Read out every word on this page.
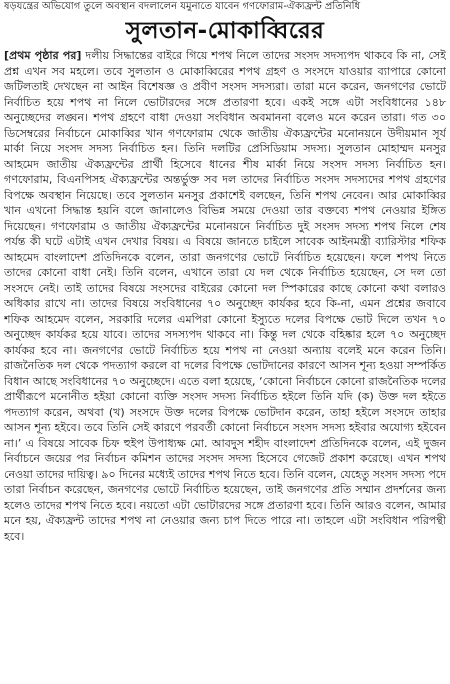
ষড়যন্ত্রের অভিযোগ তুলে অবস্থান বদলালেন যমুনাতে যাবেন গণফোরাম-ঐক্যফ্রন্ট প্রতিনিধি
সুলতান-মোকাব্বিরের
[প্রথম পৃষ্ঠার পর] দলীয় সিদ্ধান্তের বাইরে গিয়ে শপথ নিলে তাদের সংসদ সদস্যপদ থাকবে কি না, সেই প্রশ্ন এখন সব মহলে। তবে সুলতান ও মোকাব্বিরের শপথ গ্রহণ ও সংসদে যাওয়ার ব্যাপারে কোনো জটিলতাই দেখছেন না আইন বিশেষজ্ঞ ও প্রবীণ সংসদ সদস্যরা। তারা মনে করেন, জনগণের ভোটে নির্বাচিত হয়ে শপথ না নিলে ভোটারদের সঙ্গে প্রতারণা হবে। একই সঙ্গে এটা সংবিধানের ১৪৮ অনুচ্ছেদের লঙ্ঘন। শপথ গ্রহণে বাধা দেওয়া সংবিধান অবমাননা বলেও মনে করেন তারা। গত ৩০ ডিসেম্বরের নির্বাচনে মোকাব্বির খান গণফোরাম থেকে জাতীয় ঐক্যফ্রন্টের মনোনয়নে উদীয়মান সূর্য মার্কা নিয়ে সংসদ সদস্য নির্বাচিত হন। তিনি দলটির প্রেসিডিয়াম সদস্য। সুলতান মোহাম্মদ মনসুর আহমেদ জাতীয় ঐক্যফ্রন্টের প্রার্থী হিসেবে ধানের শীষ মার্কা নিয়ে সংসদ সদস্য নির্বাচিত হন। গণফোরাম, বিএনপিসহ ঐক্যফ্রন্টের অন্তর্ভুক্ত সব দল তাদের নির্বাচিত সংসদ সদস্যদের শপথ গ্রহণের বিপক্ষে অবস্থান নিয়েছে। তবে সুলতান মনসুর প্রকাশেই বলছেন, তিনি শপথ নেবেন। আর মোকাব্বির খান এখনো সিদ্ধান্ত হয়নি বলে জানালেও বিভিন্ন সময়ে দেওয়া তার বক্তব্যে শপথ নেওয়ার ইঙ্গিত দিয়েছেন। গণফোরাম ও জাতীয় ঐক্যফ্রন্টের মনোনয়নে নির্বাচিত দুই সংসদ সদস্য শপথ নিলে শেষ পর্যন্ত কী ঘটে এটাই এখন দেখার বিষয়। এ বিষয়ে জানতে চাইলে সাবেক আইনমন্ত্রী ব্যারিস্টার শফিক আহমেদ বাংলাদেশ প্রতিদিনকে বলেন, তারা জনগণের ভোটে নির্বাচিত হয়েছেন। ফলে শপথ নিতে তাদের কোনো বাধা নেই। তিনি বলেন, এখানে তারা যে দল থেকে নির্বাচিত হয়েছেন, সে দল তো সংসদে নেই। তাই তাদের বিষয়ে সংসদের বাইরের কোনো দল স্পিকারের কাছে কোনো কথা বলারও অধিকার রাখে না। তাদের বিষয়ে সংবিধানের ৭০ অনুচ্ছেদ কার্যকর হবে কি-না, এমন প্রশ্নের জবাবে শফিক আহমেদ বলেন, সরকারি দলের এমপিরা কোনো ইস্যুতে দলের বিপক্ষে ভোট দিলে তখন ৭০ অনুচ্ছেদ কার্যকর হয়ে যাবে। তাদের সদস্যপদ থাকবে না। কিন্তু দল থেকে বহিষ্কার হলে ৭০ অনুচ্ছেদ কার্যকর হবে না। জনগণের ভোটে নির্বাচিত হয়ে শপথ না নেওয়া অন্যায় বলেই মনে করেন তিনি। রাজনৈতিক দল থেকে পদত্যাগ করলে বা দলের বিপক্ষে ভোটদানের কারণে আসন শূন্য হওয়া সম্পর্কিত বিধান আছে সংবিধানের ৭০ অনুচ্ছেদে। এতে বলা হয়েছে, ‘কোনো নির্বাচনে কোনো রাজনৈতিক দলের প্রার্থীরূপে মনোনীত হইয়া কোনো ব্যক্তি সংসদ সদস্য নির্বাচিত হইলে তিনি যদি (ক) উক্ত দল হইতে পদত্যাগ করেন, অথবা (খ) সংসদে উক্ত দলের বিপক্ষে ভোটদান করেন, তাহা হইলে সংসদে তাহার আসন শূন্য হইবে। তবে তিনি সেই কারণে পরবর্তী কোনো নির্বাচনে সংসদ সদস্য হইবার অযোগ্য হইবেন না।’ এ বিষয়ে সাবেক চিফ হুইপ উপাধ্যক্ষ মো. আবদুস শহীদ বাংলাদেশ প্রতিদিনকে বলেন, এই দুজন নির্বাচনে জয়ের পর নির্বাচন কমিশন তাদের সংসদ সদস্য হিসেবে গেজেট প্রকাশ করেছে। এখন শপথ নেওয়া তাদের দায়িত্ব। ৯০ দিনের মধ্যেই তাদের শপথ নিতে হবে। তিনি বলেন, যেহেতু সংসদ সদস্য পদে তারা নির্বাচন করেছেন, জনগণের ভোটে নির্বাচিত হয়েছেন, তাই জনগণের প্রতি সম্মান প্রদর্শনের জন্য হলেও তাদের শপথ নিতে হবে। নয়তো এটা ভোটারদের সঙ্গে প্রতারণা হবে। তিনি আরও বলেন, আমার মনে হয়, ঐক্যফ্রন্ট তাদের শপথ না নেওয়ার জন্য চাপ দিতে পারে না। তাহলে এটা সংবিধান পরিপন্থী হবে।
